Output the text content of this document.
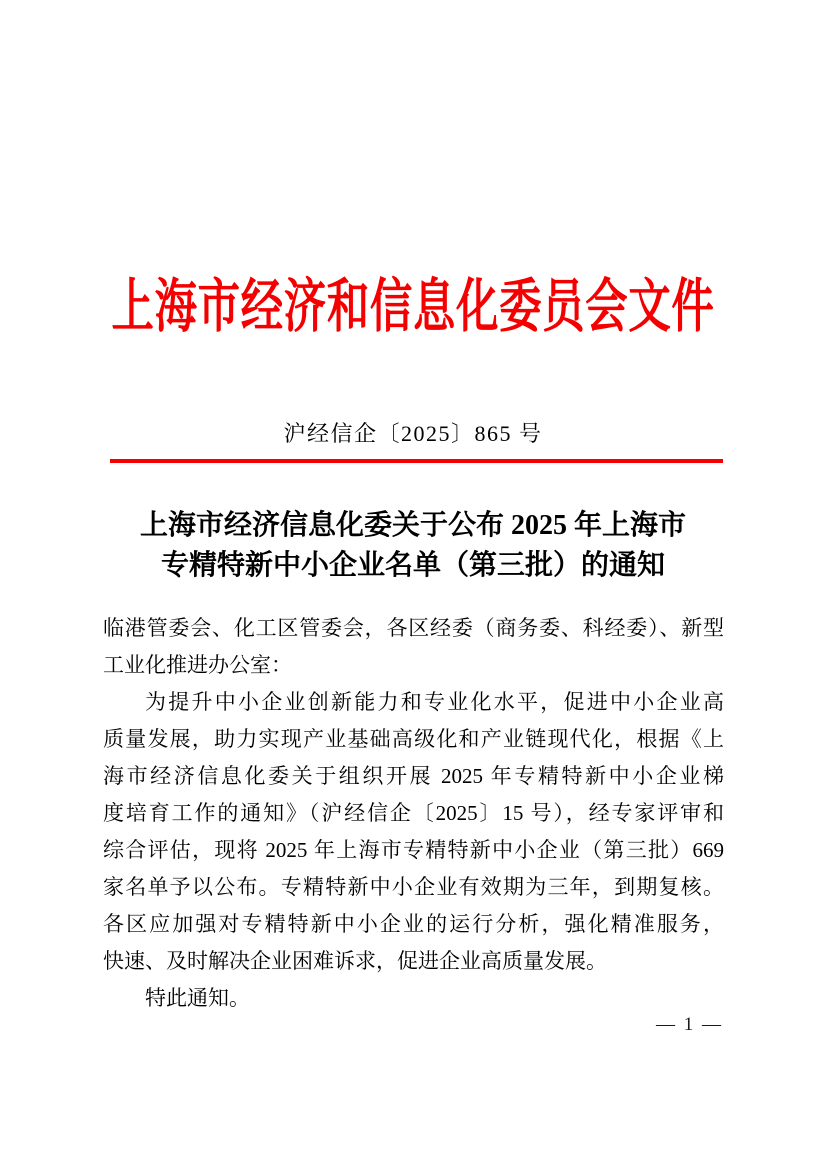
上海市经济和信息化委员会文件
沪经信企〔2025〕865 号
上海市经济信息化委关于公布 2025 年上海市
专精特新中小企业名单（第三批）的通知
临港管委会、化工区管委会，各区经委（商务委、科经委）、新型
工业化推进办公室：
为提升中小企业创新能力和专业化水平，促进中小企业高
质量发展，助力实现产业基础高级化和产业链现代化，根据《上
海市经济信息化委关于组织开展 2025 年专精特新中小企业梯
度培育工作的通知》（沪经信企〔2025〕15 号），经专家评审和
综合评估，现将 2025 年上海市专精特新中小企业（第三批）669
家名单予以公布。专精特新中小企业有效期为三年，到期复核。
各区应加强对专精特新中小企业的运行分析，强化精准服务，
快速、及时解决企业困难诉求，促进企业高质量发展。
特此通知。
— 1 —
